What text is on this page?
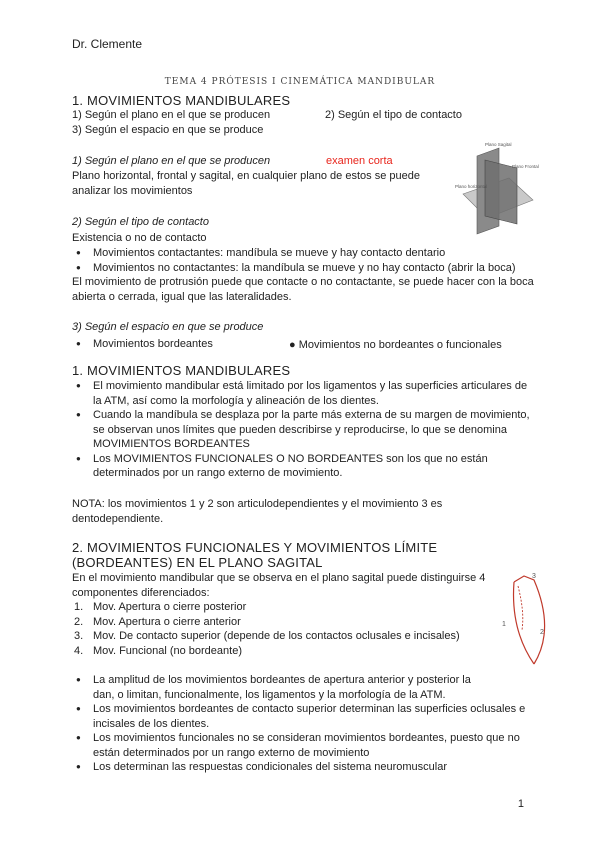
Dr. Clemente
TEMA 4 PRÓTESIS I CINEMÁTICA MANDIBULAR
1. MOVIMIENTOS MANDIBULARES
1) Según el plano en el que se producen	2) Según el tipo de contacto
3) Según el espacio en que se produce
1) Según el plano en el que se producen	examen corta
Plano horizontal, frontal y sagital, en cualquier plano de estos se puede analizar los movimientos
Plano Sagital
Plano Frontal
Plano horizontal
2) Según el tipo de contacto
Existencia o no de contacto
● Movimientos contactantes: mandíbula se mueve y hay contacto dentario
● Movimientos no contactantes: la mandíbula se mueve y no hay contacto (abrir la boca)
El movimiento de protrusión puede que contacte o no contactante, se puede hacer con la boca abierta o cerrada, igual que las lateralidades.
3) Según el espacio en que se produce
● Movimientos bordeantes	● Movimientos no bordeantes o funcionales
1. MOVIMIENTOS MANDIBULARES
● El movimiento mandibular está limitado por los ligamentos y las superficies articulares de la ATM, así como la morfología y alineación de los dientes.
● Cuando la mandíbula se desplaza por la parte más externa de su margen de movimiento, se observan unos límites que pueden describirse y reproducirse, lo que se denomina MOVIMIENTOS BORDEANTES
● Los MOVIMIENTOS FUNCIONALES O NO BORDEANTES son los que no están determinados por un rango externo de movimiento.
NOTA: los movimientos 1 y 2 son articulodependientes y el movimiento 3 es dentodependiente.
2. MOVIMIENTOS FUNCIONALES Y MOVIMIENTOS LÍMITE (BORDEANTES) EN EL PLANO SAGITAL
En el movimiento mandibular que se observa en el plano sagital puede distinguirse 4 componentes diferenciados:
1. Mov. Apertura o cierre posterior
2. Mov. Apertura o cierre anterior
3. Mov. De contacto superior (depende de los contactos oclusales e incisales)
4. Mov. Funcional (no bordeante)
1
2
3
● La amplitud de los movimientos bordeantes de apertura anterior y posterior la dan, o limitan, funcionalmente, los ligamentos y la morfología de la ATM.
● Los movimientos bordeantes de contacto superior determinan las superficies oclusales e incisales de los dientes.
● Los movimientos funcionales no se consideran movimientos bordeantes, puesto que no están determinados por un rango externo de movimiento
● Los determinan las respuestas condicionales del sistema neuromuscular
1
